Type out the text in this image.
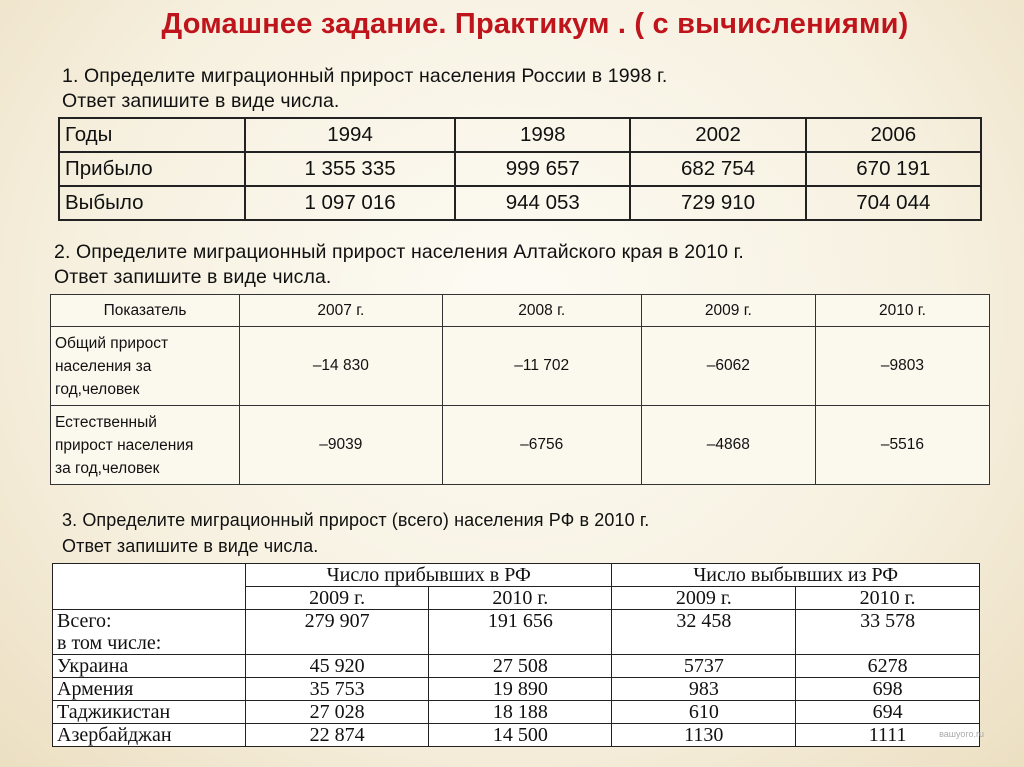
Домашнее задание. Практикум . ( с вычислениями)
1. Определите миграционный прирост населения России в 1998 г.
Ответ запишите в виде числа.
Годы	1994	1998	2002	2006
Прибыло	1 355 335	999 657	682 754	670 191
Выбыло	1 097 016	944 053	729 910	704 044
2. Определите миграционный прирост населения Алтайского края в 2010 г.
Ответ запишите в виде числа.
Показатель	2007 г.	2008 г.	2009 г.	2010 г.

Общий прирост
населения за
год,человек	–14 830	–11 702	–6062	–9803

Естественный
прирост населения
за год,человек	–9039	–6756	–4868	–5516
3. Определите миграционный прирост (всего) населения РФ в 2010 г.
Ответ запишите в виде числа.
	Число прибывших в РФ		Число выбывших из РФ	
	2009 г.	2010 г.	2009 г.	2010 г.

Всего:
в том числе:	279 907	191 656	32 458	33 578
Украина	45 920	27 508	5737	6278
Армения	35 753	19 890	983	698
Таджикистан	27 028	18 188	610	694
Азербайджан	22 874	14 500	1130	1111	вашуого.ru
